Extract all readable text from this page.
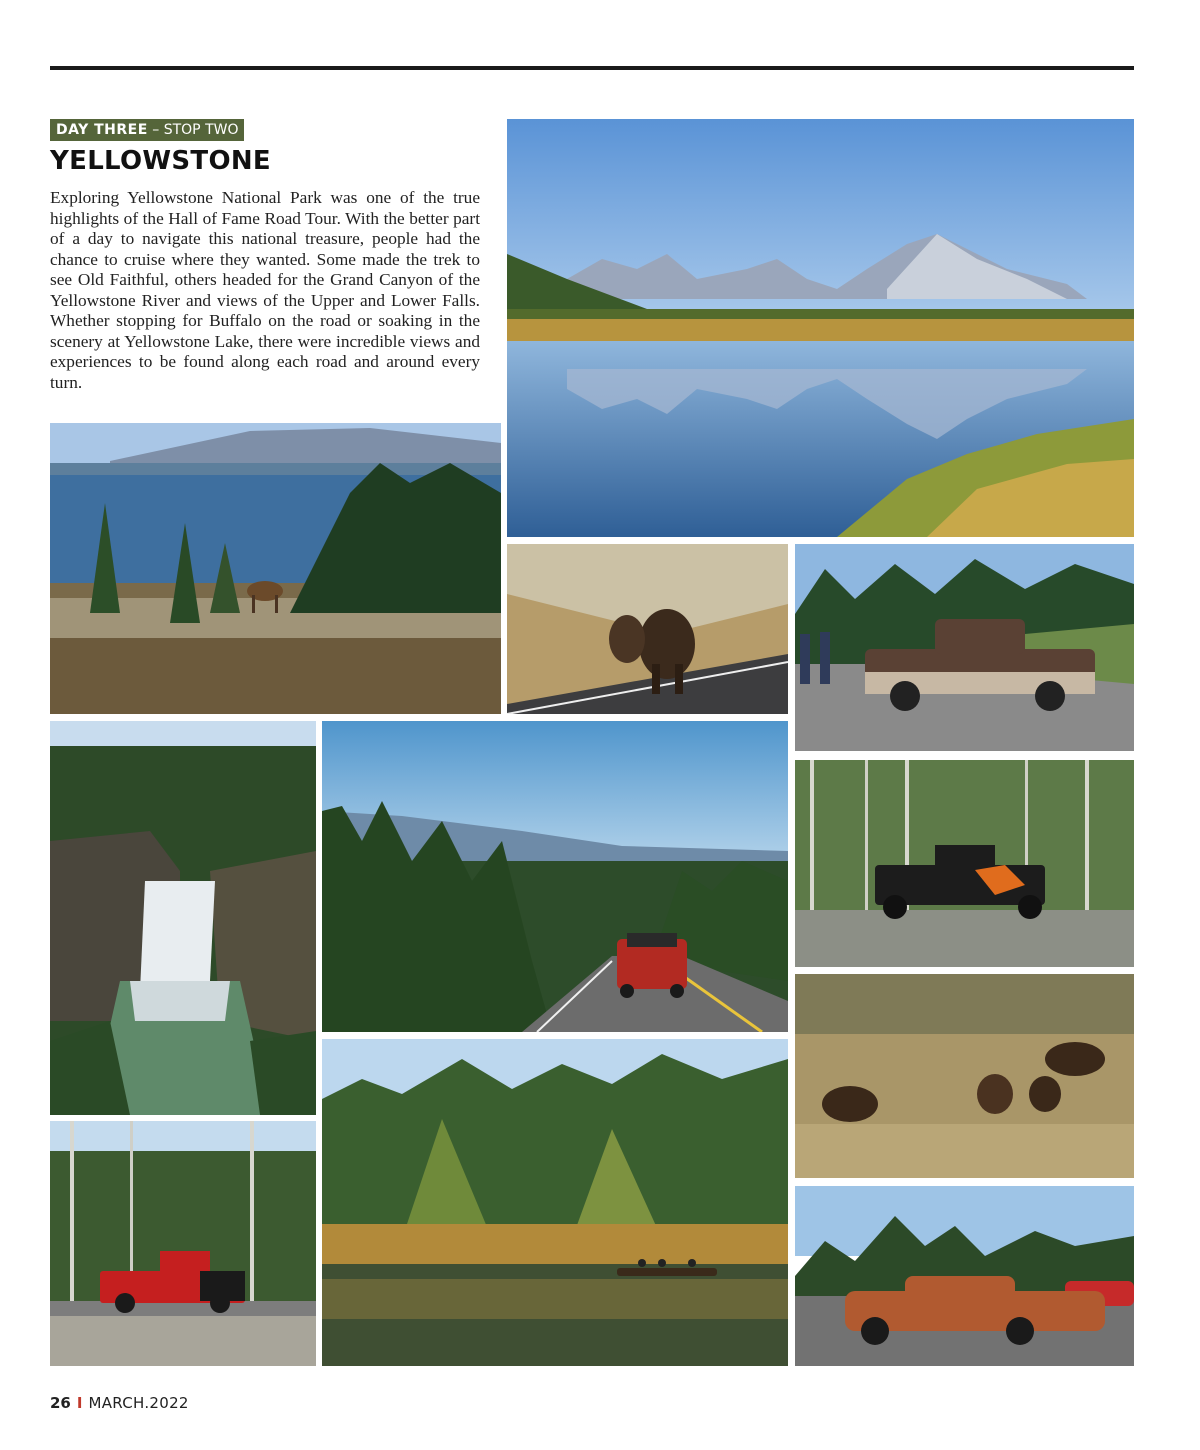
DAY THREE – STOP TWO
YELLOWSTONE
Exploring Yellowstone National Park was one of the true highlights of the Hall of Fame Road Tour. With the better part of a day to navigate this national treasure, people had the chance to cruise where they wanted. Some made the trek to see Old Faithful, others headed for the Grand Canyon of the Yellowstone River and views of the Upper and Lower Falls. Whether stopping for Buffalo on the road or soaking in the scenery at Yellowstone Lake, there were incredible views and experiences to be found along each road and around every turn.
26 I MARCH.2022
